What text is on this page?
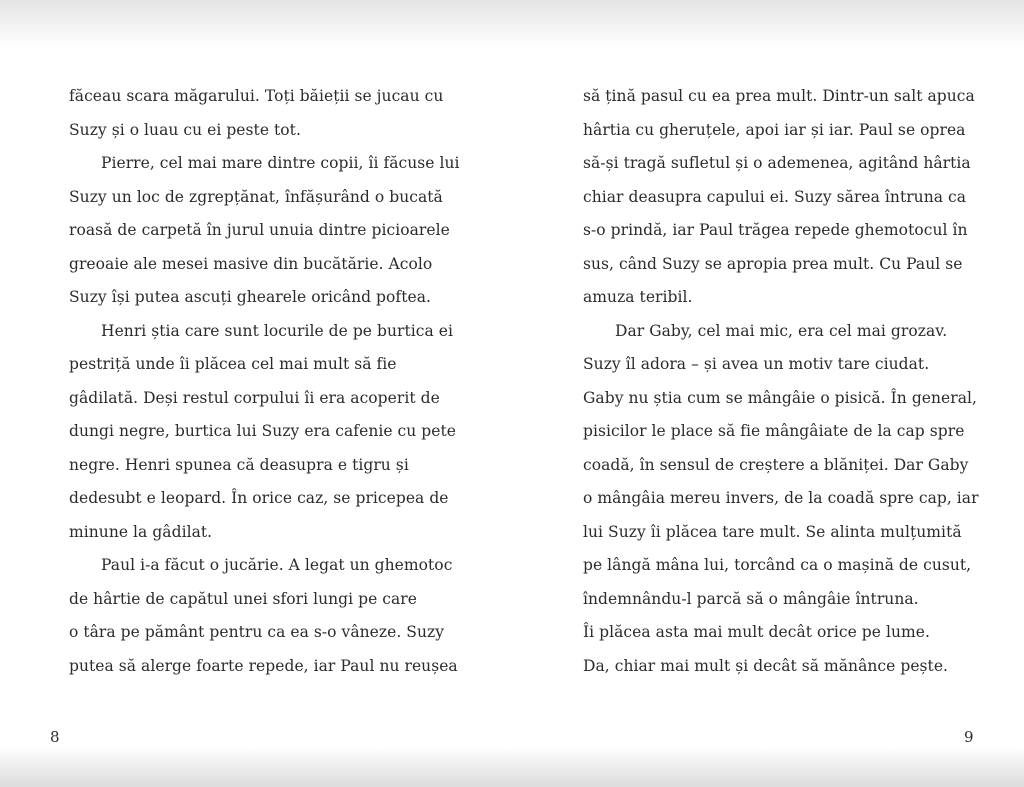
făceau scara măgarului. Toți băieții se jucau cu
Suzy și o luau cu ei peste tot.
Pierre, cel mai mare dintre copii, îi făcuse lui
Suzy un loc de zgrepțănat, înfășurând o bucată
roasă de carpetă în jurul unuia dintre picioarele
greoaie ale mesei masive din bucătărie. Acolo
Suzy își putea ascuți ghearele oricând poftea.
Henri știa care sunt locurile de pe burtica ei
pestriță unde îi plăcea cel mai mult să fie
gâdilată. Deși restul corpului îi era acoperit de
dungi negre, burtica lui Suzy era cafenie cu pete
negre. Henri spunea că deasupra e tigru și
dedesubt e leopard. În orice caz, se pricepea de
minune la gâdilat.
Paul i-a făcut o jucărie. A legat un ghemotoc
de hârtie de capătul unei sfori lungi pe care
o târa pe pământ pentru ca ea s-o vâneze. Suzy
putea să alerge foarte repede, iar Paul nu reușea
să țină pasul cu ea prea mult. Dintr-un salt apuca
hârtia cu gheruțele, apoi iar și iar. Paul se oprea
să-și tragă sufletul și o ademenea, agitând hârtia
chiar deasupra capului ei. Suzy sărea întruna ca
s-o prindă, iar Paul trăgea repede ghemotocul în
sus, când Suzy se apropia prea mult. Cu Paul se
amuza teribil.
Dar Gaby, cel mai mic, era cel mai grozav.
Suzy îl adora – și avea un motiv tare ciudat.
Gaby nu știa cum se mângâie o pisică. În general,
pisicilor le place să fie mângâiate de la cap spre
coadă, în sensul de creștere a blăniței. Dar Gaby
o mângâia mereu invers, de la coadă spre cap, iar
lui Suzy îi plăcea tare mult. Se alinta mulțumită
pe lângă mâna lui, torcând ca o mașină de cusut,
îndemnându-l parcă să o mângâie întruna.
Îi plăcea asta mai mult decât orice pe lume.
Da, chiar mai mult și decât să mănânce pește.
8	9
